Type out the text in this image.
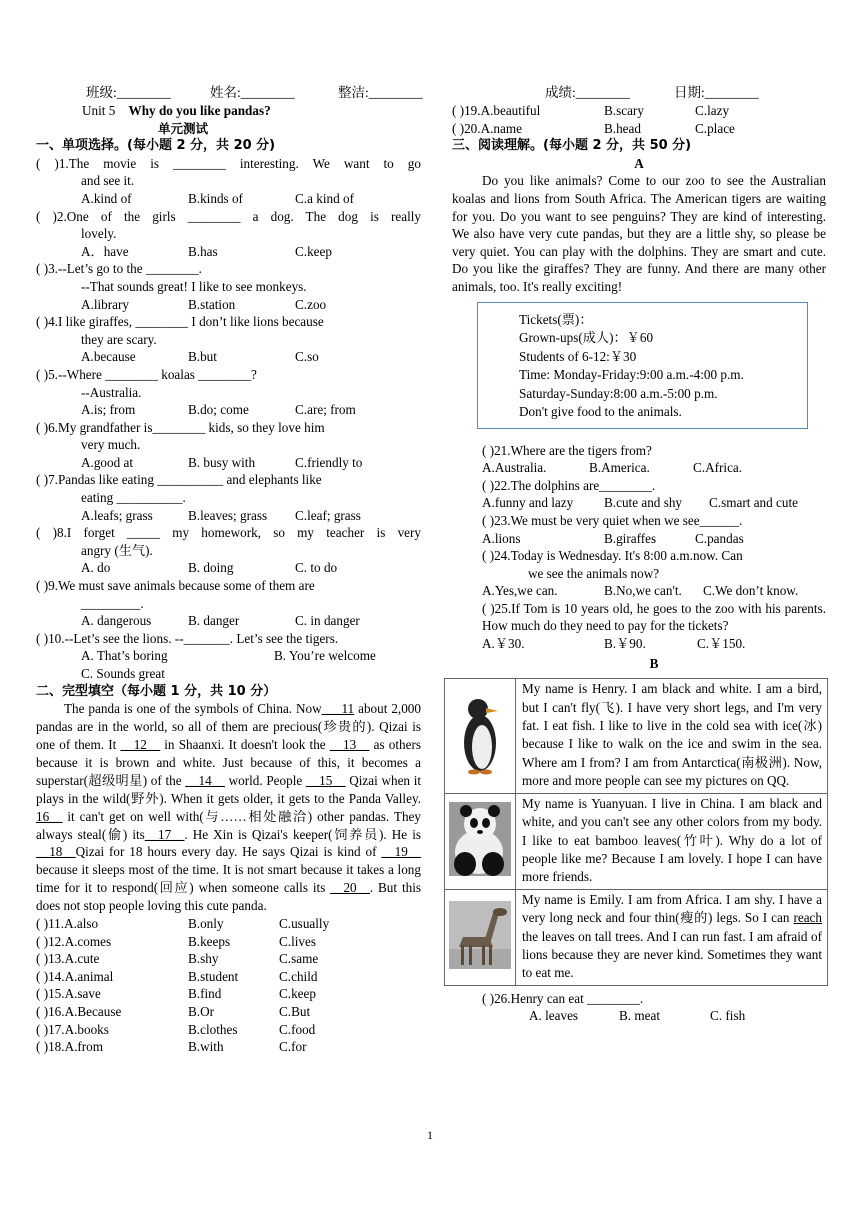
班级:________	姓名:________	整洁:________	成绩:________	日期:________
Unit 5 Why do you like pandas?
单元测试
一、单项选择。(每小题 2 分，共 20 分)
( )1.The movie is ________ interesting. We want to go
and see it.
A.kind of	B.kinds of	C.a kind of
( )2.One of the girls ________ a dog. The dog is really
lovely.
A．have	B.has	C.keep
( )3.--Let’s go to the ________.
--That sounds great! I like to see monkeys.
A.library	B.station	C.zoo
( )4.I like giraffes, ________ I don’t like lions because
they are scary.
A.because	B.but	C.so
( )5.--Where ________ koalas ________?
--Australia.
A.is; from	B.do; come	C.are; from
( )6.My grandfather is________ kids, so they love him
very much.
A.good at	B. busy with	C.friendly to
( )7.Pandas like eating __________ and elephants like
eating __________.
A.leafs; grass	B.leaves; grass C.leaf; grass
( )8.I forget _____ my homework, so my teacher is very
angry (生气).
A. do	B. doing	C. to do
( )9.We must save animals because some of them are
_________.
A. dangerous	B. danger	C. in danger
( )10.--Let’s see the lions. --_______. Let’s see the tigers.
A. That’s boring	B. You’re welcome
C. Sounds great
二、完型填空（每小题 1 分，共 10 分）
The panda is one of the symbols of China. Now___11 about 2,000 pandas are in the world, so all of them are precious(珍贵的). Qizai is one of them. It __12__ in Shaanxi. It doesn't look the __13__ as others because it is brown and white. Just because of this, it becomes a superstar(超级明星) of the __14__ world. People __15__ Qizai when it plays in the wild(野外). When it gets older, it gets to the Panda Valley. 16__ it can't get on well with(与……相处融洽) other pandas. They always steal(偷) its__17__. He Xin is Qizai's keeper(饲养员). He is __18__Qizai for 18 hours every day. He says Qizai is kind of __19__ because it sleeps most of the time. It is not smart because it takes a long time for it to respond(回应) when someone calls its __20__. But this does not stop people loving this cute panda.
( )11.A.also	B.only	C.usually
( )12.A.comes	B.keeps	C.lives
( )13.A.cute	B.shy	C.same
( )14.A.animal	B.student	C.child
( )15.A.save	B.find	C.keep
( )16.A.Because	B.Or	C.But
( )17.A.books	B.clothes	C.food
( )18.A.from	B.with	C.for
( )19.A.beautiful	B.scary	C.lazy
( )20.A.name	B.head	C.place
三、阅读理解。(每小题 2 分，共 50 分)
A
Do you like animals? Come to our zoo to see the Australian koalas and lions from South Africa. The American tigers are waiting for you. Do you want to see penguins? They are kind of interesting. We also have very cute pandas, but they are a little shy, so please be very quiet. You can play with the dolphins. They are smart and cute. Do you like the giraffes? They are funny. And there are many other animals, too. It's really exciting!
Tickets(票)：
Grown-ups(成人)：￥60
Students of 6-12:￥30
Time: Monday-Friday:9:00 a.m.-4:00 p.m.
Saturday-Sunday:8:00 a.m.-5:00 p.m.
Don't give food to the animals.
( )21.Where are the tigers from?
A.Australia.	B.America.	C.Africa.
( )22.The dolphins are________.
A.funny and lazy B.cute and shy C.smart and cute
( )23.We must be very quiet when we see______.
A.lions	B.giraffes	C.pandas
( )24.Today is Wednesday. It's 8:00 a.m.now. Can
we see the animals now?
A.Yes,we can.	B.No,we can't. C.We don’t know.
( )25.If Tom is 10 years old, he goes to the zoo with his parents. How much do they need to pay for the tickets?
A.￥30.	B.￥90.	C.￥150.
B
	My name is Henry. I am black and white. I am a bird, but I can't fly(飞). I have very short legs, and I'm very fat. I eat fish. I like to live in the cold sea with ice(冰) because I like to walk on the ice and swim in the sea. Where am I from? I am from Antarctica(南极洲). Now, more and more people can see my pictures on QQ.
	My name is Yuanyuan. I live in China. I am black and white, and you can't see any other colors from my body. I like to eat bamboo leaves(竹叶). Why do a lot of people like me? Because I am lovely. I hope I can have more friends.
	My name is Emily. I am from Africa. I am shy. I have a very long neck and four thin(瘦的) legs. So I can reach the leaves on tall trees. And I can run fast. I am afraid of lions because they are never kind. Sometimes they want to eat me.
( )26.Henry can eat ________.
A. leaves	B. meat	C. fish
1
